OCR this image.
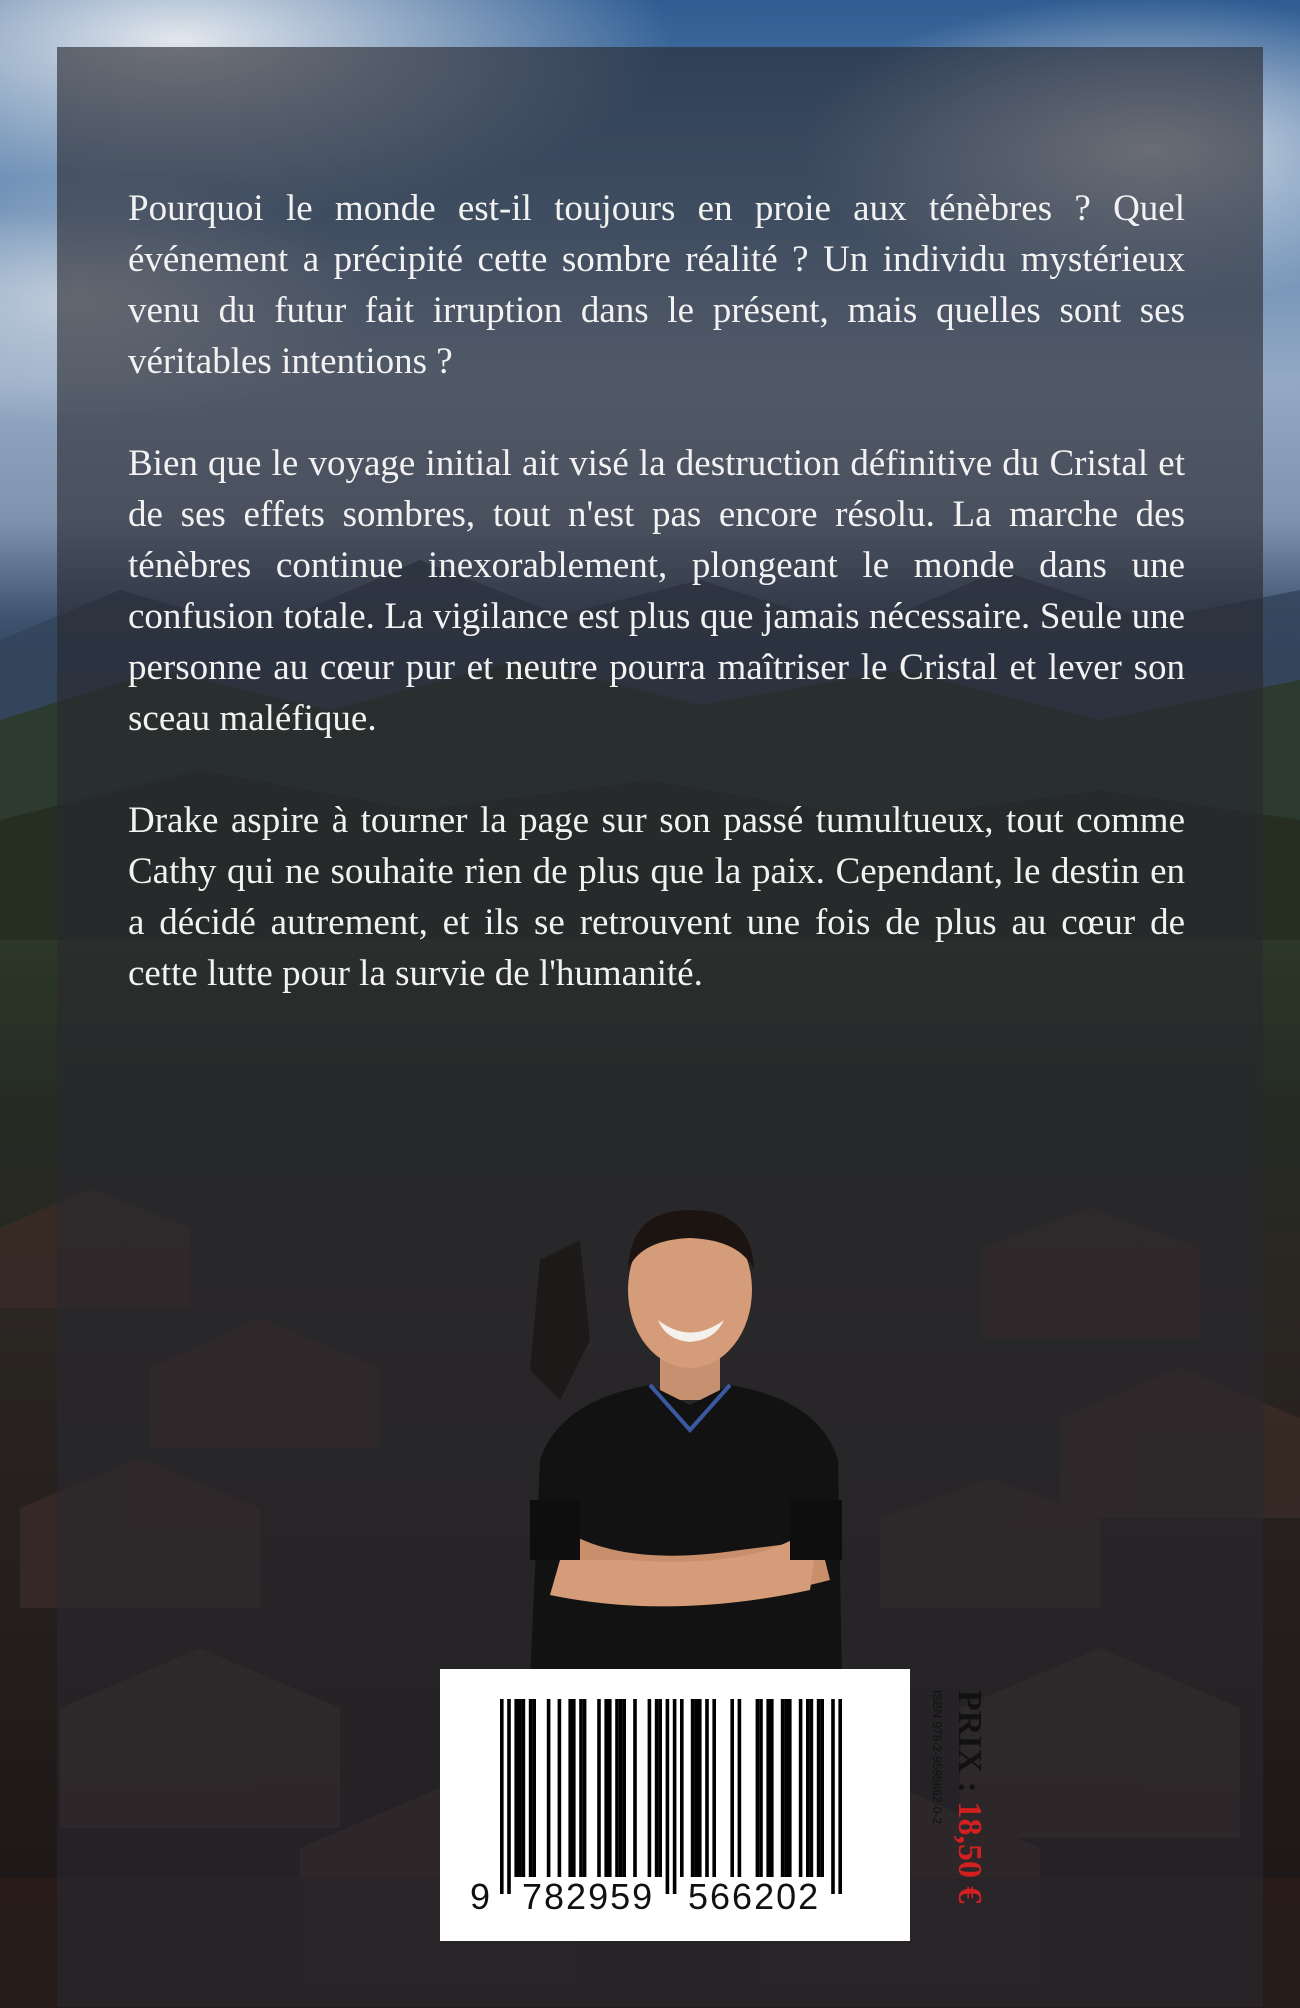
Pourquoi le monde est-il toujours en proie aux ténèbres ? Quel événement a précipité cette sombre réalité ? Un individu mystérieux venu du futur fait irruption dans le présent, mais quelles sont ses véritables intentions ?

Bien que le voyage initial ait visé la destruction définitive du Cristal et de ses effets sombres, tout n'est pas encore résolu. La marche des ténèbres continue inexorablement, plongeant le monde dans une confusion totale. La vigilance est plus que jamais nécessaire. Seule une personne au cœur pur et neutre pourra maîtriser le Cristal et lever son sceau maléfique.

Drake aspire à tourner la page sur son passé tumultueux, tout comme Cathy qui ne souhaite rien de plus que la paix. Cependant, le destin en a décidé autrement, et ils se retrouvent une fois de plus au cœur de cette lutte pour la survie de l'humanité.

9 782959 566202
PRIX : 18,50 €
ISBN 978-2-9595662-0-2
